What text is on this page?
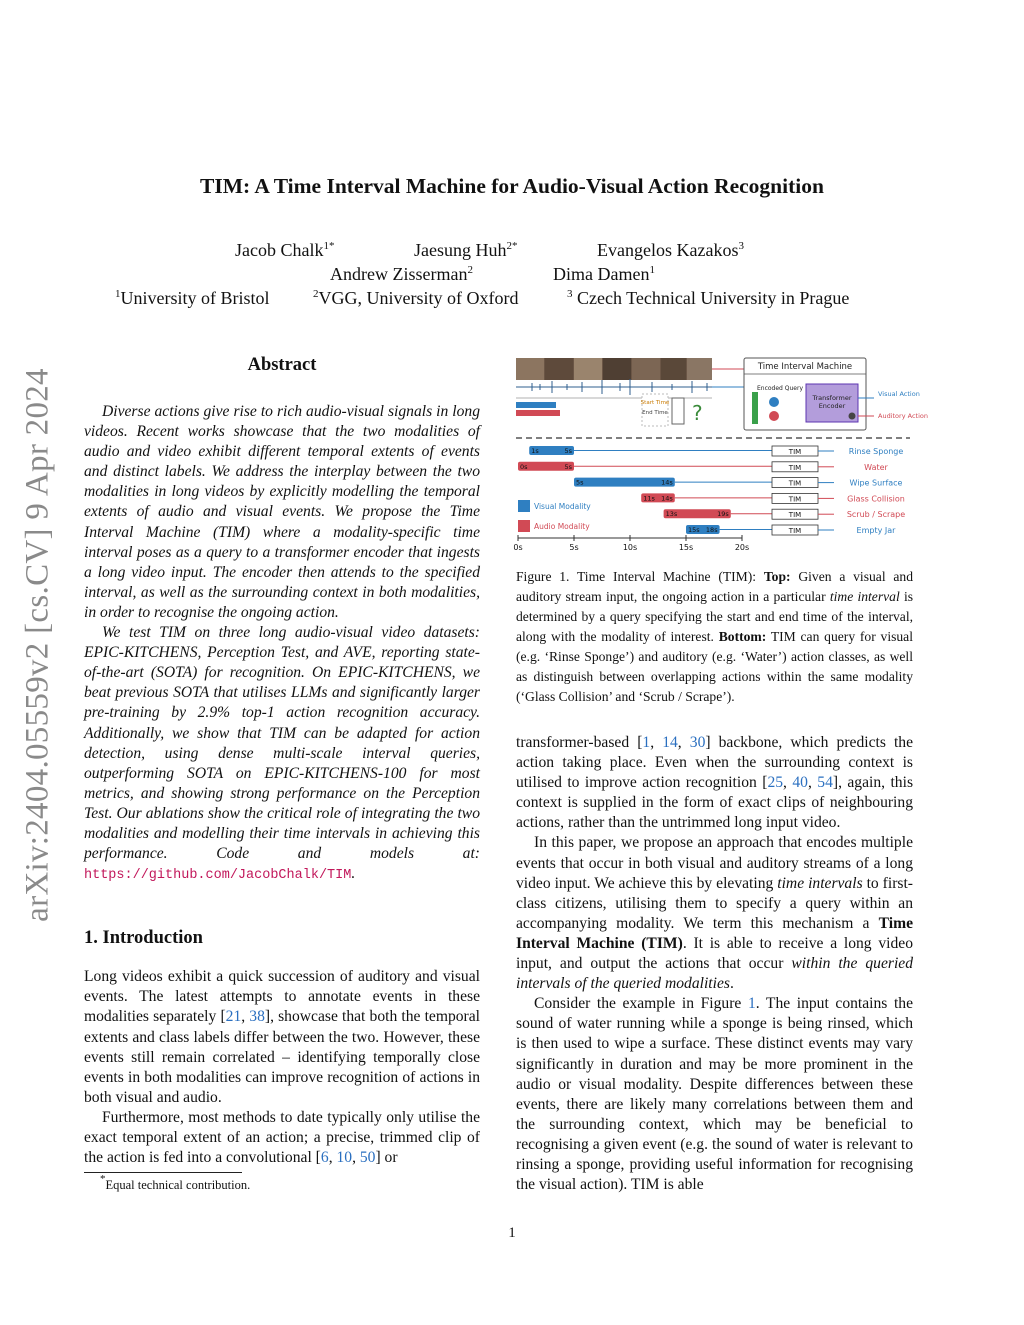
arXiv:2404.05559v2 [cs.CV] 9 Apr 2024
TIM: A Time Interval Machine for Audio-Visual Action Recognition
Jacob Chalk$^{1*}$	Jaesung Huh$^{2*}$	Evangelos Kazakos$^3$
Andrew Zisserman$^2$	Dima Damen$^1$
$^1$University of Bristol	$^2$VGG, University of Oxford	$^3$ Czech Technical University in Prague
Abstract

Diverse actions give rise to rich audio-visual signals in long videos. Recent works showcase that the two modalities of audio and video exhibit different temporal extents of events and distinct labels. We address the interplay between the two modalities in long videos by explicitly modelling the temporal extents of audio and visual events. We propose the Time Interval Machine (TIM) where a modality-specific time interval poses as a query to a transformer encoder that ingests a long video input. The encoder then attends to the specified interval, as well as the surrounding context in both modalities, in order to recognise the ongoing action.

We test TIM on three long audio-visual video datasets: EPIC-KITCHENS, Perception Test, and AVE, reporting state-of-the-art (SOTA) for recognition. On EPIC-KITCHENS, we beat previous SOTA that utilises LLMs and significantly larger pre-training by 2.9% top-1 action recognition accuracy. Additionally, we show that TIM can be adapted for action detection, using dense multi-scale interval queries, outperforming SOTA on EPIC-KITCHENS-100 for most metrics, and showing strong performance on the Perception Test. Our ablations show the critical role of integrating the two modalities and modelling their time intervals in achieving this performance. Code and models at: https://github.com/JacobChalk/TIM.

1. Introduction

Long videos exhibit a quick succession of auditory and visual events. The latest attempts to annotate events in these modalities separately [21, 38], showcase that both the temporal extents and class labels differ between the two. However, these events still remain correlated – identifying temporally close events in both modalities can improve recognition of actions in both visual and audio.

Furthermore, most methods to date typically only utilise the exact temporal extent of an action; a precise, trimmed clip of the action is fed into a convolutional [6, 10, 50] or

Start Time
End Time ?
Time Interval Machine
Encoded Query
Transformer Encoder
Visual Action
Auditory Action
1s	5s	TIM	Rinse Sponge
0s	5s	TIM	Water
5s	14s	TIM	Wipe Surface
11s 14s	TIM	Glass Collision
13s	19s	TIM	Scrub / Scrape
15s 18s	TIM	Empty Jar
Visual Modality
Audio Modality
0s	5s	10s	15s	20s
Figure 1. Time Interval Machine (TIM): Top: Given a visual and auditory stream input, the ongoing action in a particular time interval is determined by a query specifying the start and end time of the interval, along with the modality of interest. Bottom: TIM can query for visual (e.g. ‘Rinse Sponge’) and auditory (e.g. ‘Water’) action classes, as well as distinguish between overlapping actions within the same modality (‘Glass Collision’ and ‘Scrub / Scrape’).

transformer-based [1, 14, 30] backbone, which predicts the action taking place. Even when the surrounding context is utilised to improve action recognition [25, 40, 54], again, this context is supplied in the form of exact clips of neighbouring actions, rather than the untrimmed long input video.

In this paper, we propose an approach that encodes multiple events that occur in both visual and auditory streams of a long video input. We achieve this by elevating time intervals to first-class citizens, utilising them to specify a query within an accompanying modality. We term this mechanism a Time Interval Machine (TIM). It is able to receive a long video input, and output the actions that occur within the queried intervals of the queried modalities.

Consider the example in Figure 1. The input contains the sound of water running while a sponge is being rinsed, which is then used to wipe a surface. These distinct events may vary significantly in duration and may be more prominent in the audio or visual modality. Despite differences between these events, there are likely many correlations between them and the surrounding context, which may be beneficial to recognising a given event (e.g. the sound of water is relevant to rinsing a sponge, providing useful information for recognising the visual action). TIM is able

*Equal technical contribution.
1
